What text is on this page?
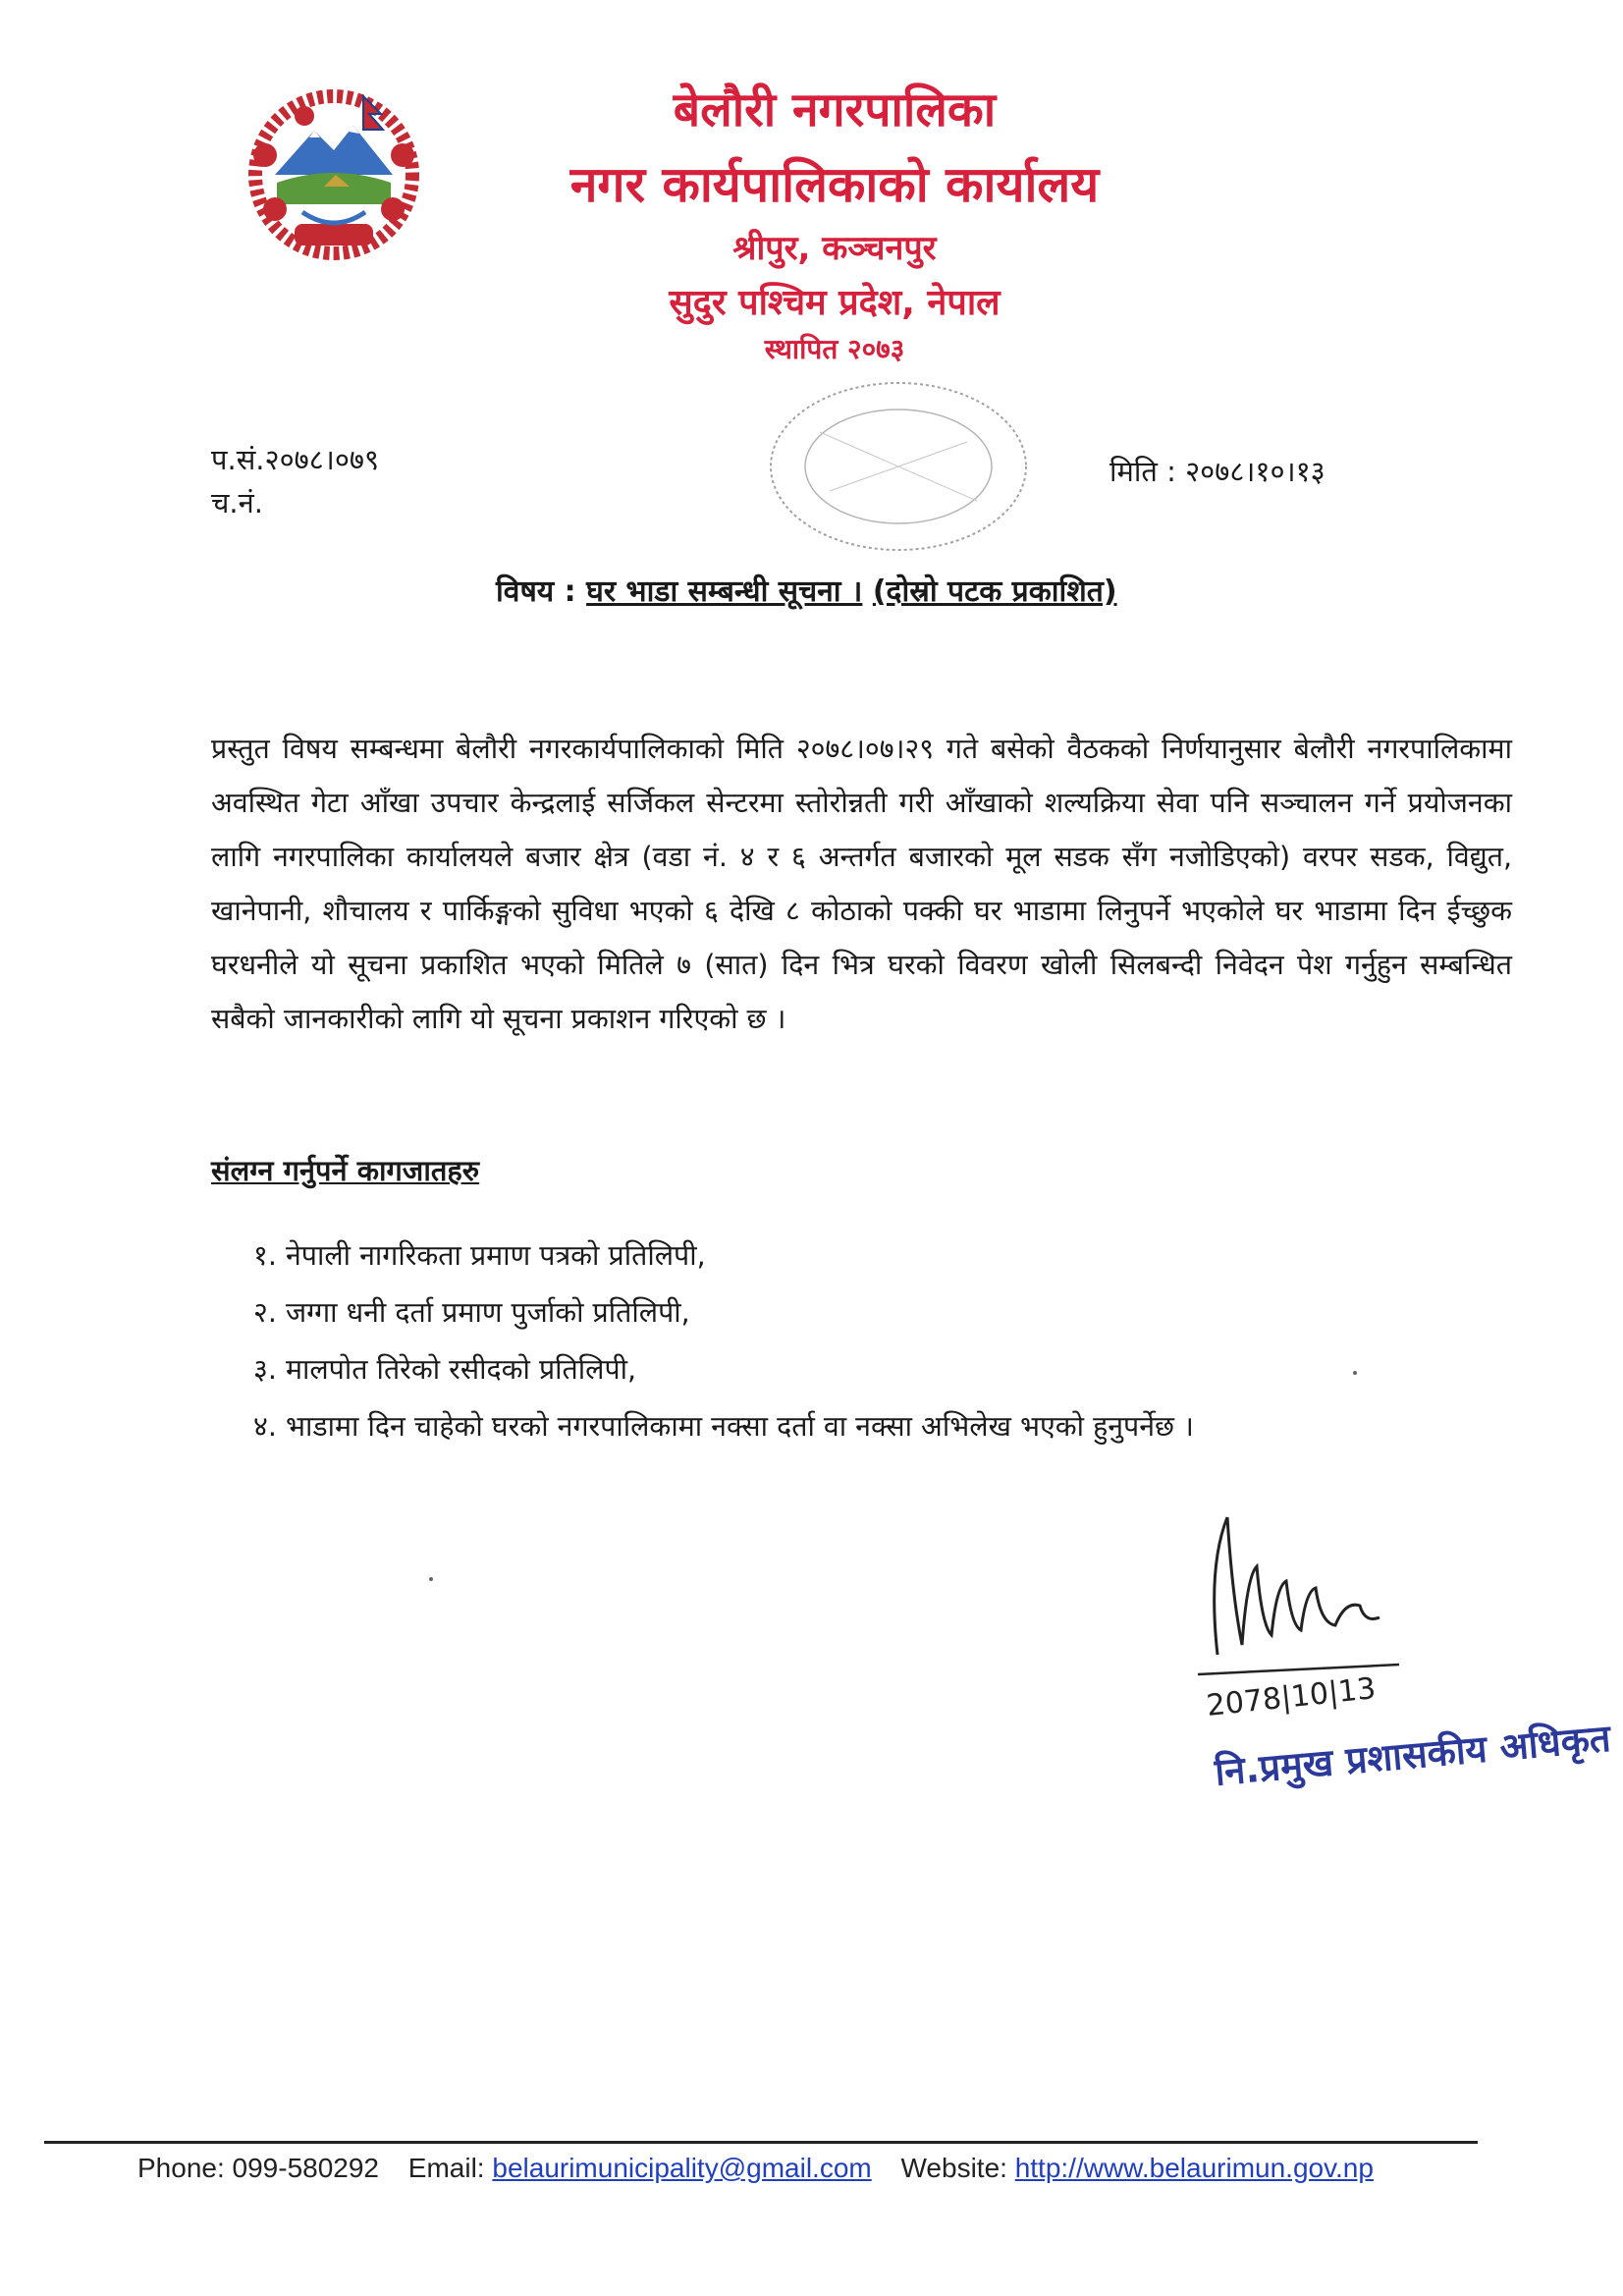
बेलौरी नगरपालिका
नगर कार्यपालिकाको कार्यालय
श्रीपुर, कञ्चनपुर
सुदुर पश्चिम प्रदेश, नेपाल
स्थापित २०७३
प.सं.२०७८।०७९
च.नं.
मिति : २०७८।१०।१३
विषय : घर भाडा सम्बन्धी सूचना । (दोस्रो पटक प्रकाशित)
प्रस्तुत विषय सम्बन्धमा बेलौरी नगरकार्यपालिकाको मिति २०७८।०७।२९ गते बसेको वैठकको निर्णयानुसार बेलौरी नगरपालिकामा अवस्थित गेटा आँखा उपचार केन्द्रलाई सर्जिकल सेन्टरमा स्तोरोन्नती गरी आँखाको शल्यक्रिया सेवा पनि सञ्चालन गर्ने प्रयोजनका लागि नगरपालिका कार्यालयले बजार क्षेत्र (वडा नं. ४ र ६ अन्तर्गत बजारको मूल सडक सँग नजोडिएको) वरपर सडक, विद्युत, खानेपानी, शौचालय र पार्किङ्गको सुविधा भएको ६ देखि ८ कोठाको पक्की घर भाडामा लिनुपर्ने भएकोले घर भाडामा दिन ईच्छुक घरधनीले यो सूचना प्रकाशित भएको मितिले ७ (सात) दिन भित्र घरको विवरण खोली सिलबन्दी निवेदन पेश गर्नुहुन सम्बन्धित सबैको जानकारीको लागि यो सूचना प्रकाशन गरिएको छ ।
संलग्न गर्नुपर्ने कागजातहरु
१. नेपाली नागरिकता प्रमाण पत्रको प्रतिलिपी,
२. जग्गा धनी दर्ता प्रमाण पुर्जाको प्रतिलिपी,
३. मालपोत तिरेको रसीदको प्रतिलिपी,
४. भाडामा दिन चाहेको घरको नगरपालिकामा नक्सा दर्ता वा नक्सा अभिलेख भएको हुनुपर्नेछ ।
2078|10|13
नि.प्रमुख प्रशासकीय अधिकृत
Phone: 099-580292 Email: belaurimunicipality@gmail.com Website: http://www.belaurimun.gov.np
